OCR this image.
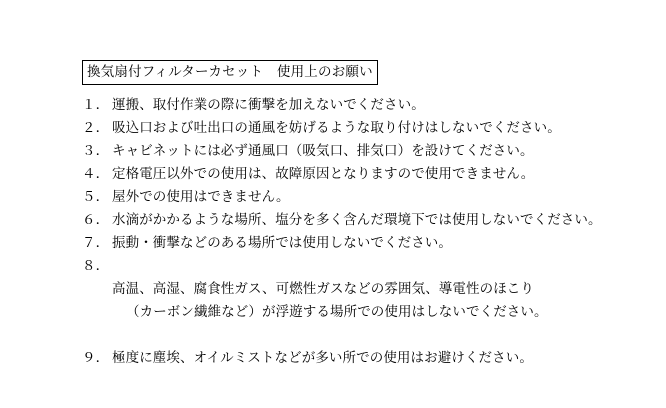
換気扇付フィルターカセット　使用上のお願い
１． 運搬、取付作業の際に衝撃を加えないでください。
２． 吸込口および吐出口の通風を妨げるような取り付けはしないでください。
３． キャビネットには必ず通風口（吸気口、排気口）を設けてください。
４． 定格電圧以外での使用は、故障原因となりますので使用できません。
５． 屋外での使用はできません。
６． 水滴がかかるような場所、塩分を多く含んだ環境下では使用しないでください。
７． 振動・衝撃などのある場所では使用しないでください。
８．

高温、高湿、腐食性ガス、可燃性ガスなどの雰囲気、導電性のほこり

（カーボン繊維など）が浮遊する場所での使用はしないでください。

９． 極度に塵埃、オイルミストなどが多い所での使用はお避けください。
